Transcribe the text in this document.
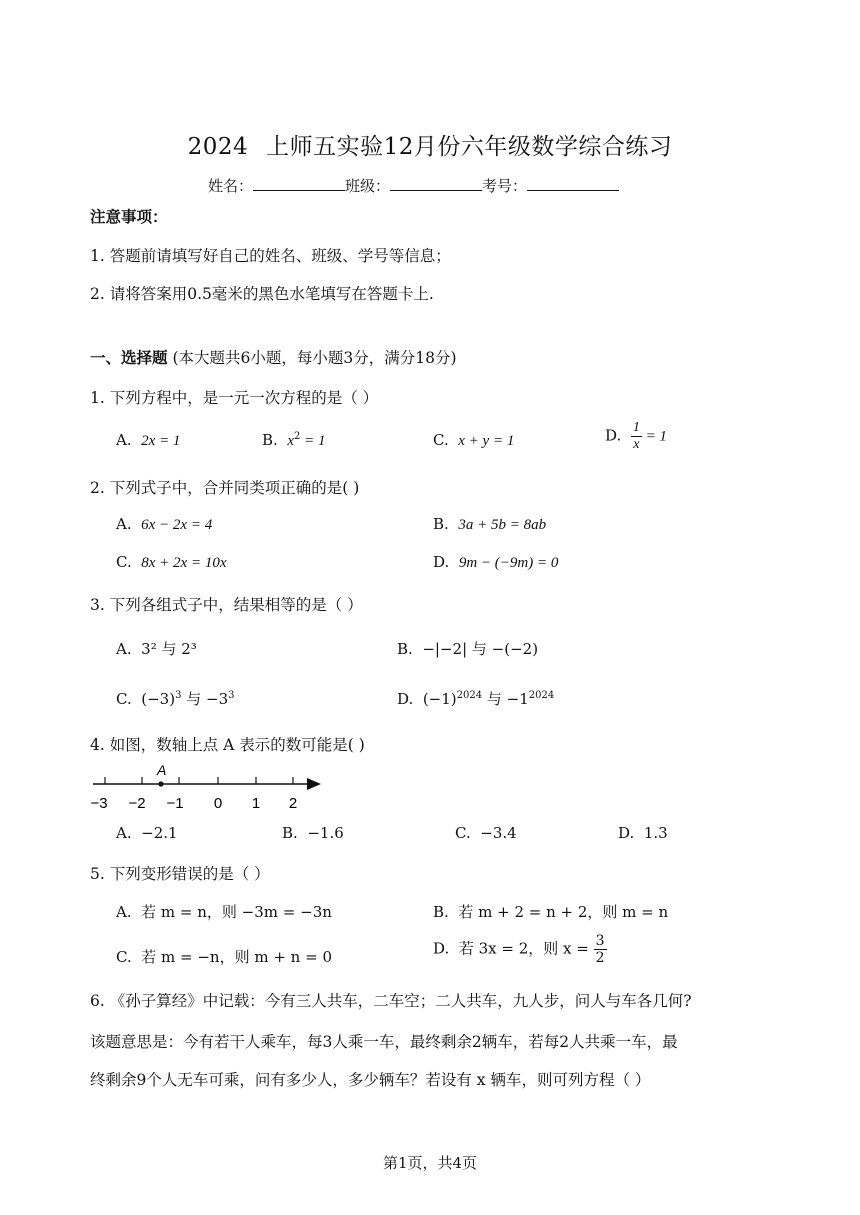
2024 上师五实验12月份六年级数学综合练习
姓名：	班级：	考号：
注意事项：
1. 答题前请填写好自己的姓名、班级、学号等信息；
2. 请将答案用0.5毫米的黑色水笔填写在答题卡上.
一、选择题 (本大题共6小题，每小题3分，满分18分)
1. 下列方程中，是一元一次方程的是（ ）
A. 2x = 1	B. $x^2 = 1$	C. x + y = 1	D. $\frac{1}{x} = 1$
2. 下列式子中，合并同类项正确的是( )
A. 6x − 2x = 4	B. 3a + 5b = 8ab
C. 8x + 2x = 10x	D. 9m − (−9m) = 0
3. 下列各组式子中，结果相等的是（ ）
A. 3² 与 2³	B. −|−2| 与 −(−2)
C. $(-3)^3$ 与 $-3^3$	D. $(-1)^{2024}$ 与 $-1^{2024}$
4. 如图，数轴上点 A 表示的数可能是( )
A
−3 −2 −1 0 1 2
A. −2.1	B. −1.6	C. −3.4	D. 1.3
5. 下列变形错误的是（ ）
A. 若 m = n，则 −3m = −3n	B. 若 m + 2 = n + 2，则 m = n
C. 若 m = −n，则 m + n = 0	D. 若 3x = 2，则 $x = \frac{3}{2}$
6. 《孙子算经》中记载：今有三人共车，二车空；二人共车，九人步，问人与车各几何?
该题意思是：今有若干人乘车，每3人乘一车，最终剩余2辆车，若每2人共乘一车，最
终剩余9个人无车可乘，问有多少人，多少辆车？若设有 x 辆车，则可列方程（ ）
第1页，共4页
